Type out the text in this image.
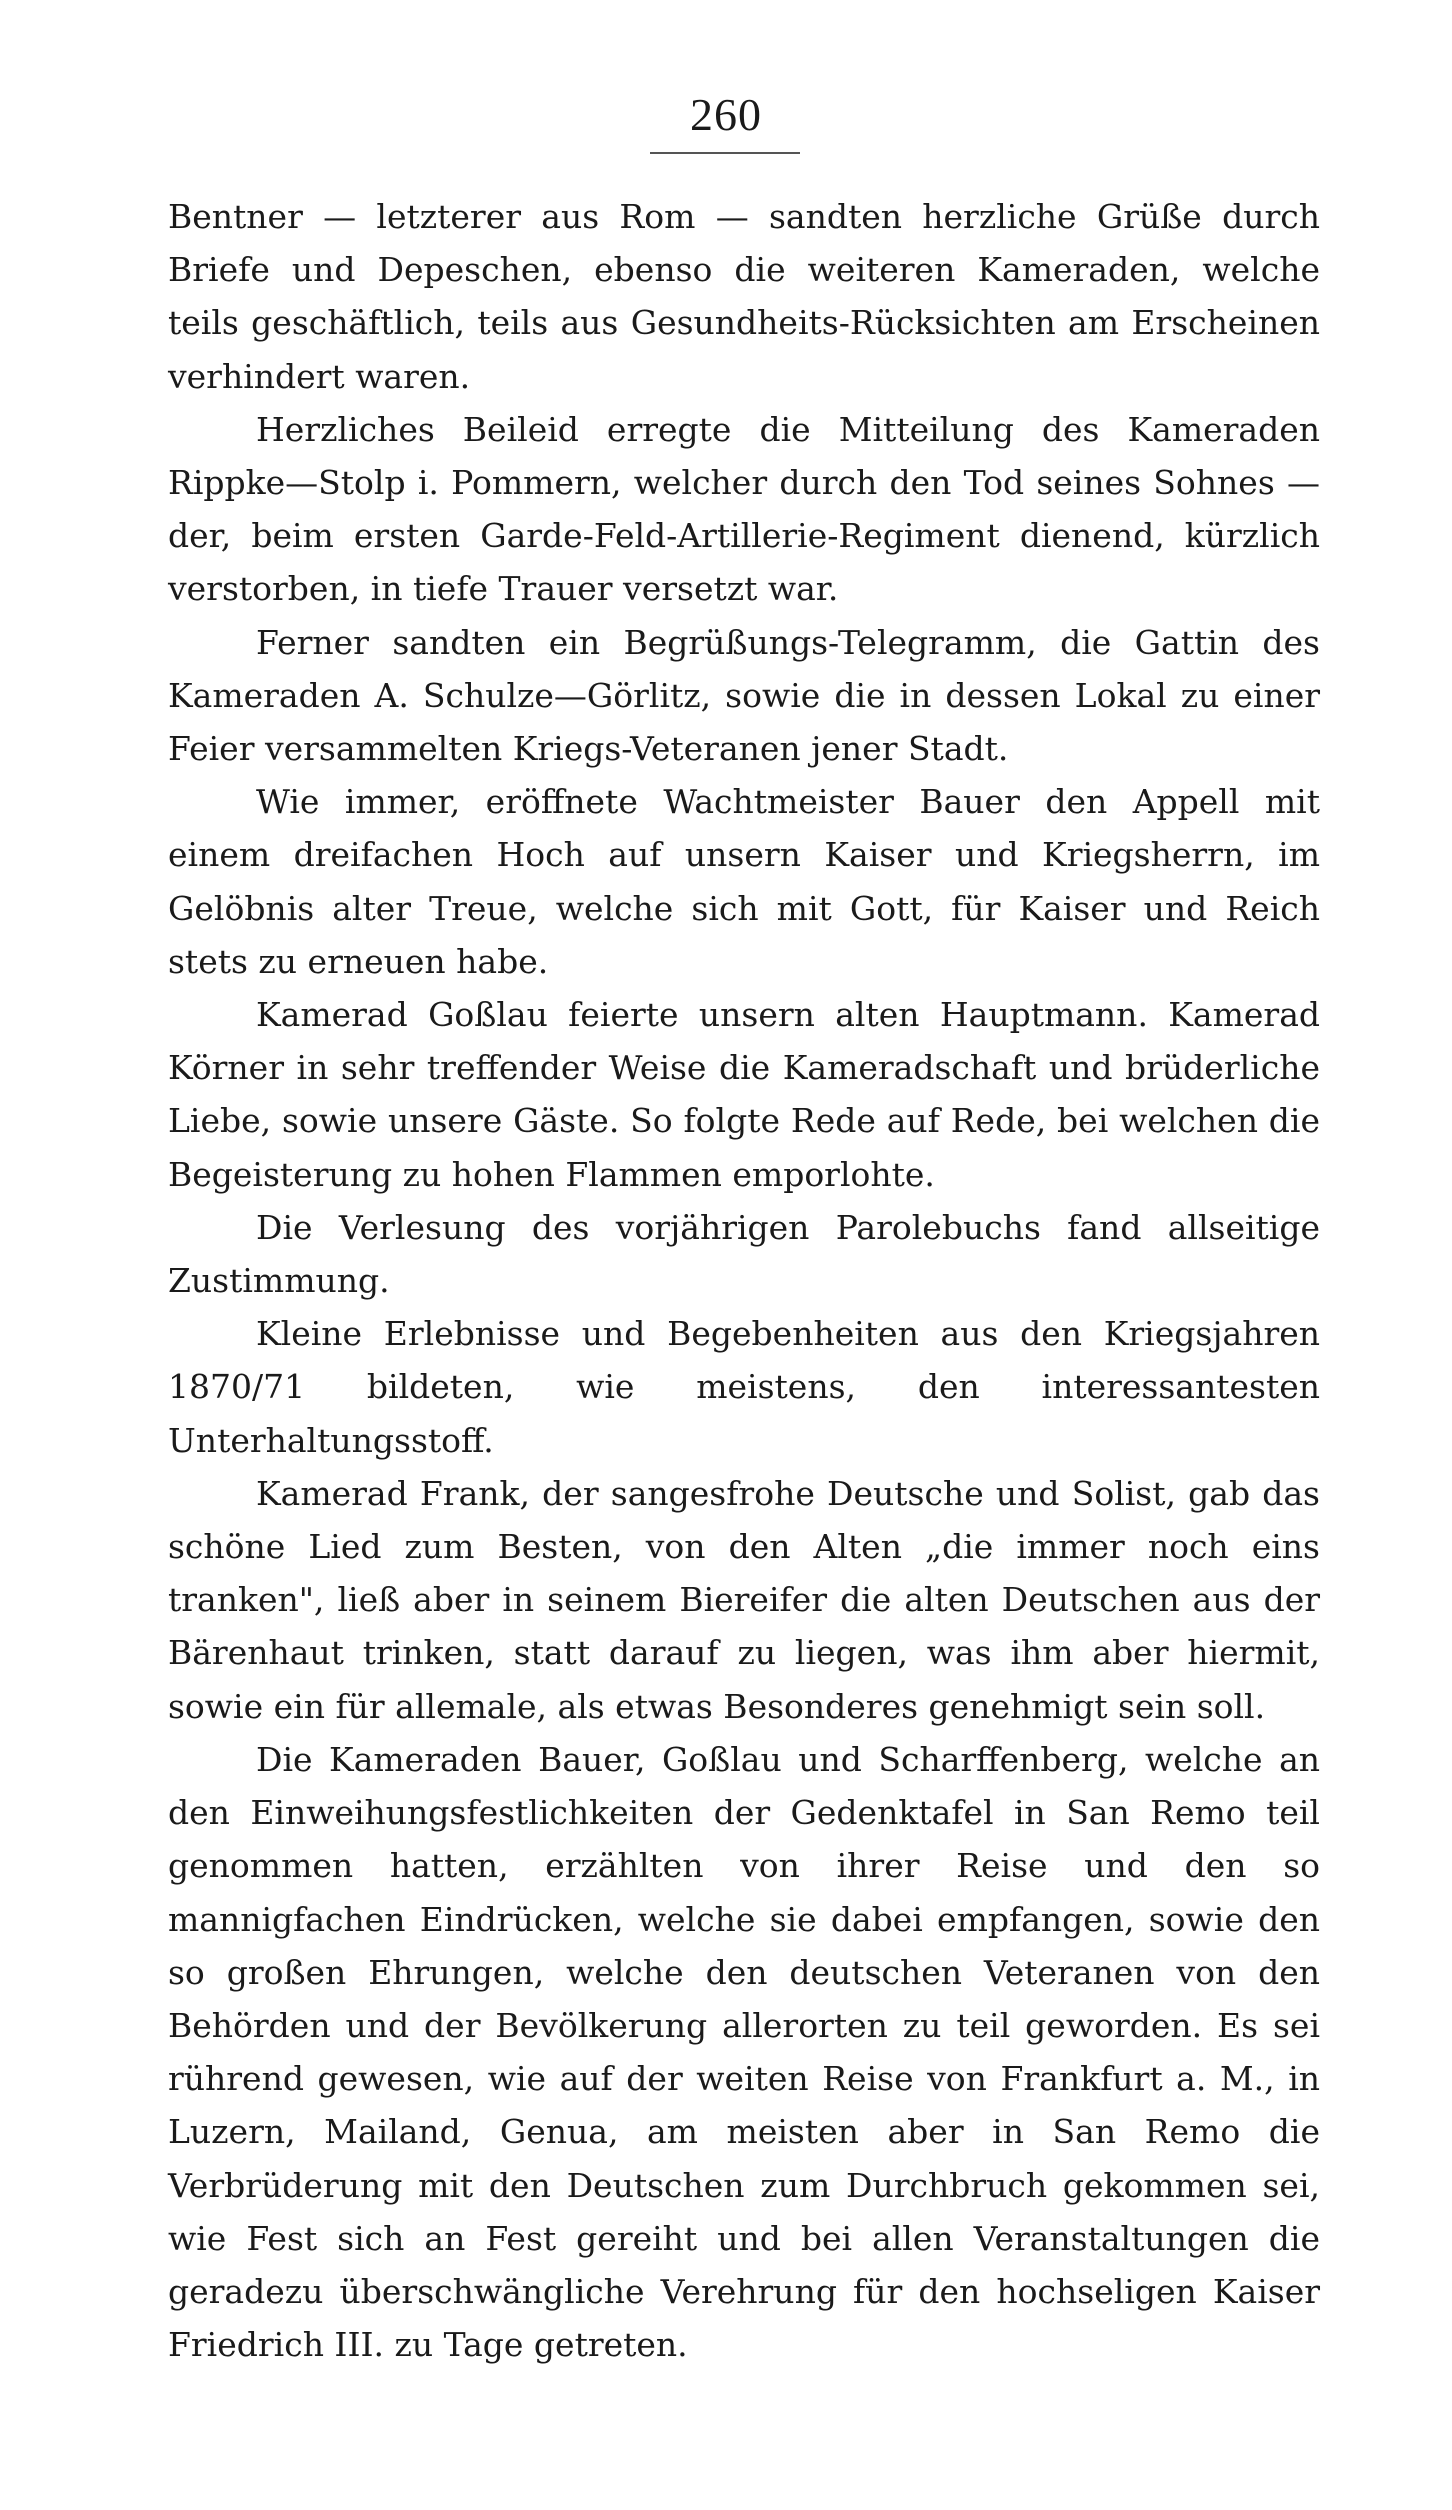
260

Bentner — letzterer aus Rom — sandten herzliche Grüße durch Briefe und Depeschen, ebenso die weiteren Kameraden, welche teils geschäftlich, teils aus Gesundheits-Rücksichten am Erscheinen verhindert waren.

Herzliches Beileid erregte die Mitteilung des Kameraden Rippke—Stolp i. Pommern, welcher durch den Tod seines Sohnes — der, beim ersten Garde-Feld-Artillerie-Regiment dienend, kürzlich verstorben, in tiefe Trauer versetzt war.

Ferner sandten ein Begrüßungs-Telegramm, die Gattin des Kameraden A. Schulze—Görlitz, sowie die in dessen Lokal zu einer Feier versammelten Kriegs-Veteranen jener Stadt.

Wie immer, eröffnete Wachtmeister Bauer den Appell mit einem dreifachen Hoch auf unsern Kaiser und Kriegsherrn, im Gelöbnis alter Treue, welche sich mit Gott, für Kaiser und Reich stets zu erneuen habe.

Kamerad Goßlau feierte unsern alten Hauptmann. Kamerad Körner in sehr treffender Weise die Kameradschaft und brüderliche Liebe, sowie unsere Gäste. So folgte Rede auf Rede, bei welchen die Begeisterung zu hohen Flammen emporlohte.

Die Verlesung des vorjährigen Parolebuchs fand allseitige Zustimmung.

Kleine Erlebnisse und Begebenheiten aus den Kriegsjahren 1870/71 bildeten, wie meistens, den interessantesten Unterhaltungsstoff.

Kamerad Frank, der sangesfrohe Deutsche und Solist, gab das schöne Lied zum Besten, von den Alten „die immer noch eins tranken", ließ aber in seinem Biereifer die alten Deutschen aus der Bärenhaut trinken, statt darauf zu liegen, was ihm aber hiermit, sowie ein für allemale, als etwas Besonderes genehmigt sein soll.

Die Kameraden Bauer, Goßlau und Scharffenberg, welche an den Einweihungsfestlichkeiten der Gedenktafel in San Remo teil genommen hatten, erzählten von ihrer Reise und den so mannigfachen Eindrücken, welche sie dabei empfangen, sowie den so großen Ehrungen, welche den deutschen Veteranen von den Behörden und der Bevölkerung allerorten zu teil geworden. Es sei rührend gewesen, wie auf der weiten Reise von Frankfurt a. M., in Luzern, Mailand, Genua, am meisten aber in San Remo die Verbrüderung mit den Deutschen zum Durchbruch gekommen sei, wie Fest sich an Fest gereiht und bei allen Veranstaltungen die geradezu überschwängliche Verehrung für den hochseligen Kaiser Friedrich III. zu Tage getreten.
